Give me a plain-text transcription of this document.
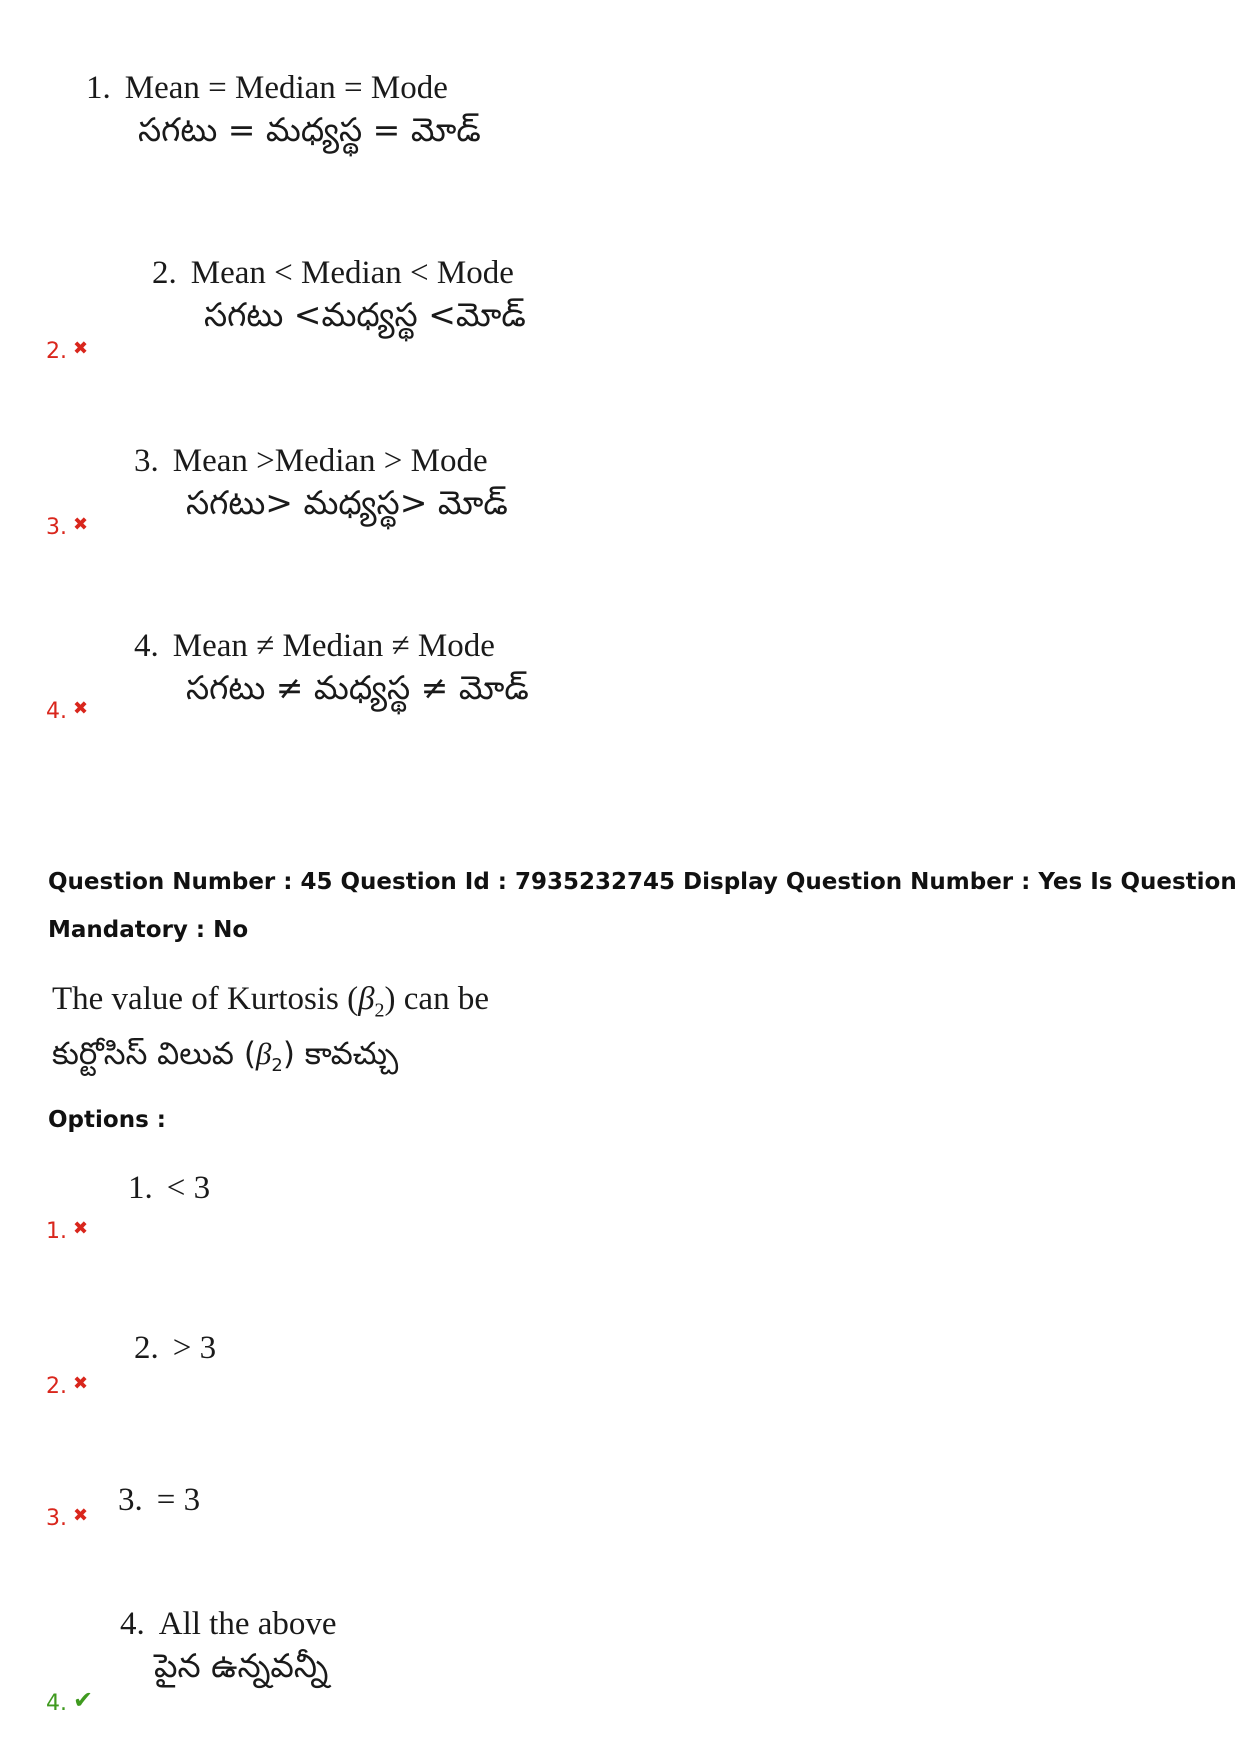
1. Mean = Median = Mode
సగటు = మధ్యస్థ = మోడ్
2. Mean < Median < Mode
సగటు <మధ్యస్థ <మోడ్
2. ✖
3. Mean >Median > Mode
సగటు> మధ్యస్థ> మోడ్
3. ✖
4. Mean ≠ Median ≠ Mode
సగటు ≠ మధ్యస్థ ≠ మోడ్
4. ✖
Question Number : 45 Question Id : 7935232745 Display Question Number : Yes Is Question
Mandatory : No
The value of Kurtosis $(\beta_2)$ can be
కుర్టోసిస్ విలువ $(\beta_2)$ కావచ్చు
Options :
1. < 3
1. ✖
2. > 3
2. ✖
3. = 3
3. ✖
4. All the above
పైన ఉన్నవన్నీ
4. ✔
